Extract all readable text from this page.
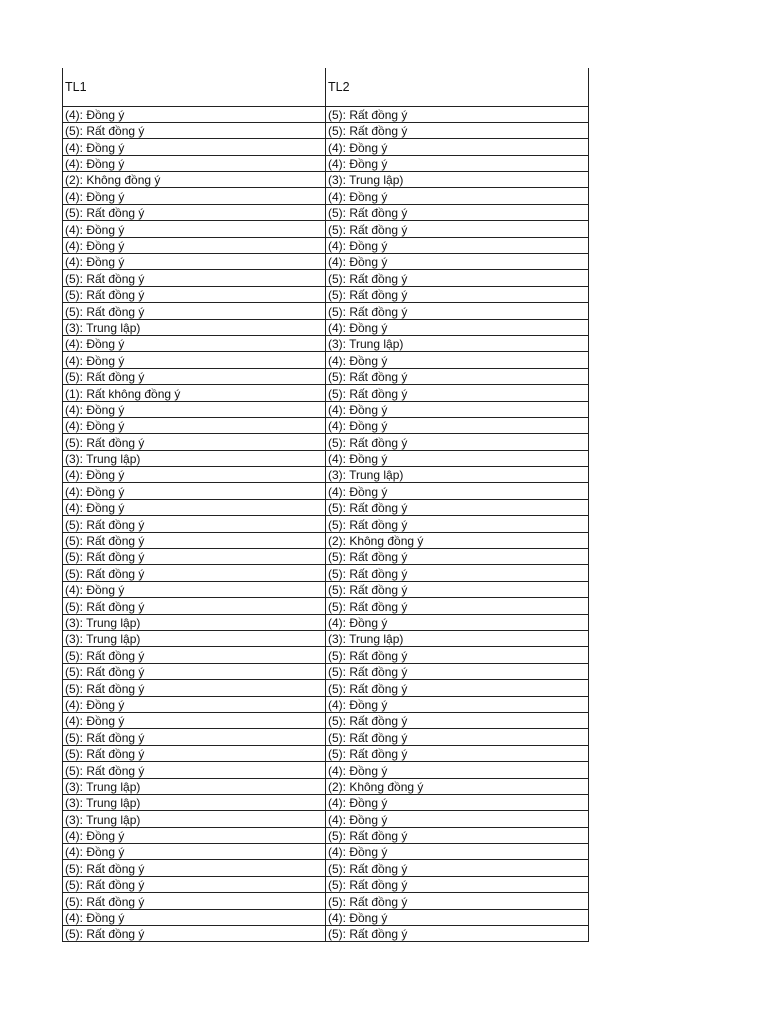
TL1	TL2
(4): Đồng ý	(5): Rất đồng ý
(5): Rất đồng ý	(5): Rất đồng ý
(4): Đồng ý	(4): Đồng ý
(4): Đồng ý	(4): Đồng ý
(2): Không đồng ý	(3): Trung lập)
(4): Đồng ý	(4): Đồng ý
(5): Rất đồng ý	(5): Rất đồng ý
(4): Đồng ý	(5): Rất đồng ý
(4): Đồng ý	(4): Đồng ý
(4): Đồng ý	(4): Đồng ý
(5): Rất đồng ý	(5): Rất đồng ý
(5): Rất đồng ý	(5): Rất đồng ý
(5): Rất đồng ý	(5): Rất đồng ý
(3): Trung lập)	(4): Đồng ý
(4): Đồng ý	(3): Trung lập)
(4): Đồng ý	(4): Đồng ý
(5): Rất đồng ý	(5): Rất đồng ý
(1): Rất không đồng ý	(5): Rất đồng ý
(4): Đồng ý	(4): Đồng ý
(4): Đồng ý	(4): Đồng ý
(5): Rất đồng ý	(5): Rất đồng ý
(3): Trung lập)	(4): Đồng ý
(4): Đồng ý	(3): Trung lập)
(4): Đồng ý	(4): Đồng ý
(4): Đồng ý	(5): Rất đồng ý
(5): Rất đồng ý	(5): Rất đồng ý
(5): Rất đồng ý	(2): Không đồng ý
(5): Rất đồng ý	(5): Rất đồng ý
(5): Rất đồng ý	(5): Rất đồng ý
(4): Đồng ý	(5): Rất đồng ý
(5): Rất đồng ý	(5): Rất đồng ý
(3): Trung lập)	(4): Đồng ý
(3): Trung lập)	(3): Trung lập)
(5): Rất đồng ý	(5): Rất đồng ý
(5): Rất đồng ý	(5): Rất đồng ý
(5): Rất đồng ý	(5): Rất đồng ý
(4): Đồng ý	(4): Đồng ý
(4): Đồng ý	(5): Rất đồng ý
(5): Rất đồng ý	(5): Rất đồng ý
(5): Rất đồng ý	(5): Rất đồng ý
(5): Rất đồng ý	(4): Đồng ý
(3): Trung lập)	(2): Không đồng ý
(3): Trung lập)	(4): Đồng ý
(3): Trung lập)	(4): Đồng ý
(4): Đồng ý	(5): Rất đồng ý
(4): Đồng ý	(4): Đồng ý
(5): Rất đồng ý	(5): Rất đồng ý
(5): Rất đồng ý	(5): Rất đồng ý
(5): Rất đồng ý	(5): Rất đồng ý
(4): Đồng ý	(4): Đồng ý
(5): Rất đồng ý	(5): Rất đồng ý
